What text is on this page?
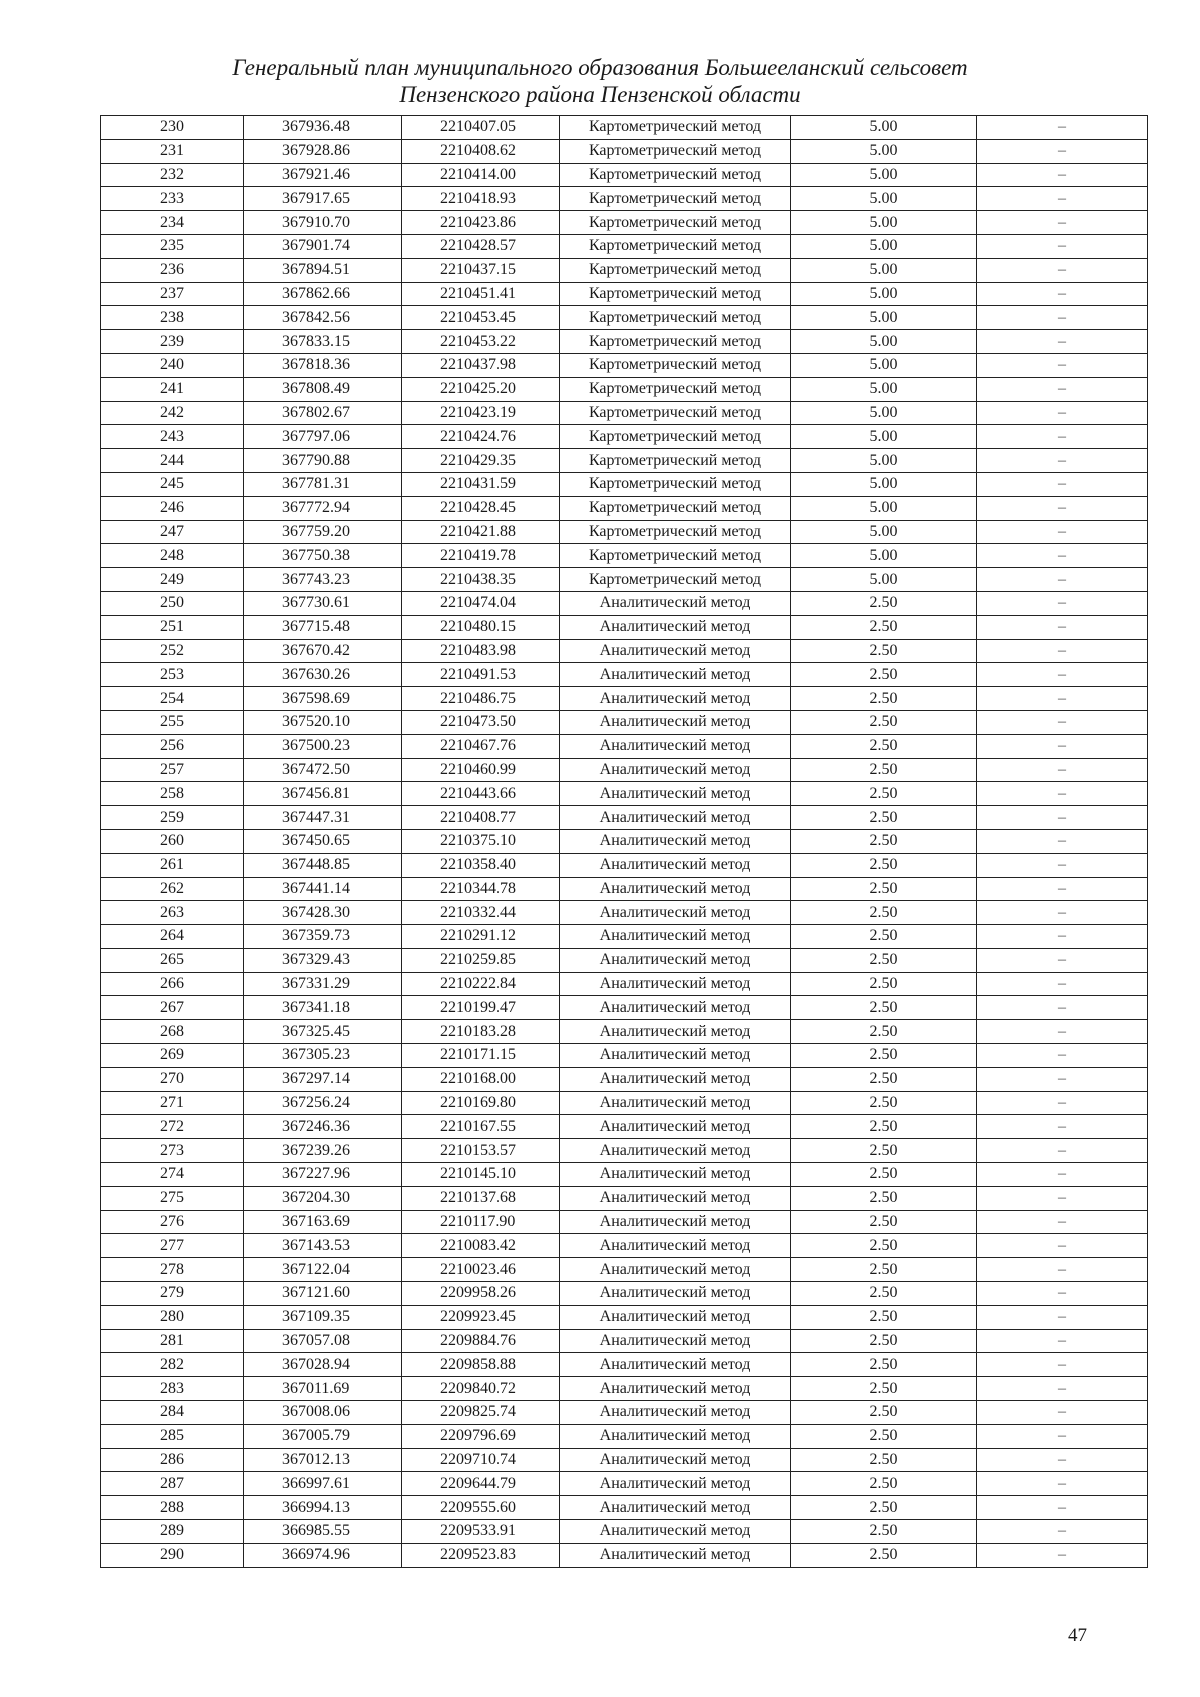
Генеральный план муниципального образования Большееланский сельсовет
Пензенского района Пензенской области
230	367936.48	2210407.05	Картометрический метод	5.00	–
231	367928.86	2210408.62	Картометрический метод	5.00	–
232	367921.46	2210414.00	Картометрический метод	5.00	–
233	367917.65	2210418.93	Картометрический метод	5.00	–
234	367910.70	2210423.86	Картометрический метод	5.00	–
235	367901.74	2210428.57	Картометрический метод	5.00	–
236	367894.51	2210437.15	Картометрический метод	5.00	–
237	367862.66	2210451.41	Картометрический метод	5.00	–
238	367842.56	2210453.45	Картометрический метод	5.00	–
239	367833.15	2210453.22	Картометрический метод	5.00	–
240	367818.36	2210437.98	Картометрический метод	5.00	–
241	367808.49	2210425.20	Картометрический метод	5.00	–
242	367802.67	2210423.19	Картометрический метод	5.00	–
243	367797.06	2210424.76	Картометрический метод	5.00	–
244	367790.88	2210429.35	Картометрический метод	5.00	–
245	367781.31	2210431.59	Картометрический метод	5.00	–
246	367772.94	2210428.45	Картометрический метод	5.00	–
247	367759.20	2210421.88	Картометрический метод	5.00	–
248	367750.38	2210419.78	Картометрический метод	5.00	–
249	367743.23	2210438.35	Картометрический метод	5.00	–
250	367730.61	2210474.04	Аналитический метод	2.50	–
251	367715.48	2210480.15	Аналитический метод	2.50	–
252	367670.42	2210483.98	Аналитический метод	2.50	–
253	367630.26	2210491.53	Аналитический метод	2.50	–
254	367598.69	2210486.75	Аналитический метод	2.50	–
255	367520.10	2210473.50	Аналитический метод	2.50	–
256	367500.23	2210467.76	Аналитический метод	2.50	–
257	367472.50	2210460.99	Аналитический метод	2.50	–
258	367456.81	2210443.66	Аналитический метод	2.50	–
259	367447.31	2210408.77	Аналитический метод	2.50	–
260	367450.65	2210375.10	Аналитический метод	2.50	–
261	367448.85	2210358.40	Аналитический метод	2.50	–
262	367441.14	2210344.78	Аналитический метод	2.50	–
263	367428.30	2210332.44	Аналитический метод	2.50	–
264	367359.73	2210291.12	Аналитический метод	2.50	–
265	367329.43	2210259.85	Аналитический метод	2.50	–
266	367331.29	2210222.84	Аналитический метод	2.50	–
267	367341.18	2210199.47	Аналитический метод	2.50	–
268	367325.45	2210183.28	Аналитический метод	2.50	–
269	367305.23	2210171.15	Аналитический метод	2.50	–
270	367297.14	2210168.00	Аналитический метод	2.50	–
271	367256.24	2210169.80	Аналитический метод	2.50	–
272	367246.36	2210167.55	Аналитический метод	2.50	–
273	367239.26	2210153.57	Аналитический метод	2.50	–
274	367227.96	2210145.10	Аналитический метод	2.50	–
275	367204.30	2210137.68	Аналитический метод	2.50	–
276	367163.69	2210117.90	Аналитический метод	2.50	–
277	367143.53	2210083.42	Аналитический метод	2.50	–
278	367122.04	2210023.46	Аналитический метод	2.50	–
279	367121.60	2209958.26	Аналитический метод	2.50	–
280	367109.35	2209923.45	Аналитический метод	2.50	–
281	367057.08	2209884.76	Аналитический метод	2.50	–
282	367028.94	2209858.88	Аналитический метод	2.50	–
283	367011.69	2209840.72	Аналитический метод	2.50	–
284	367008.06	2209825.74	Аналитический метод	2.50	–
285	367005.79	2209796.69	Аналитический метод	2.50	–
286	367012.13	2209710.74	Аналитический метод	2.50	–
287	366997.61	2209644.79	Аналитический метод	2.50	–
288	366994.13	2209555.60	Аналитический метод	2.50	–
289	366985.55	2209533.91	Аналитический метод	2.50	–
290	366974.96	2209523.83	Аналитический метод	2.50	–
47
